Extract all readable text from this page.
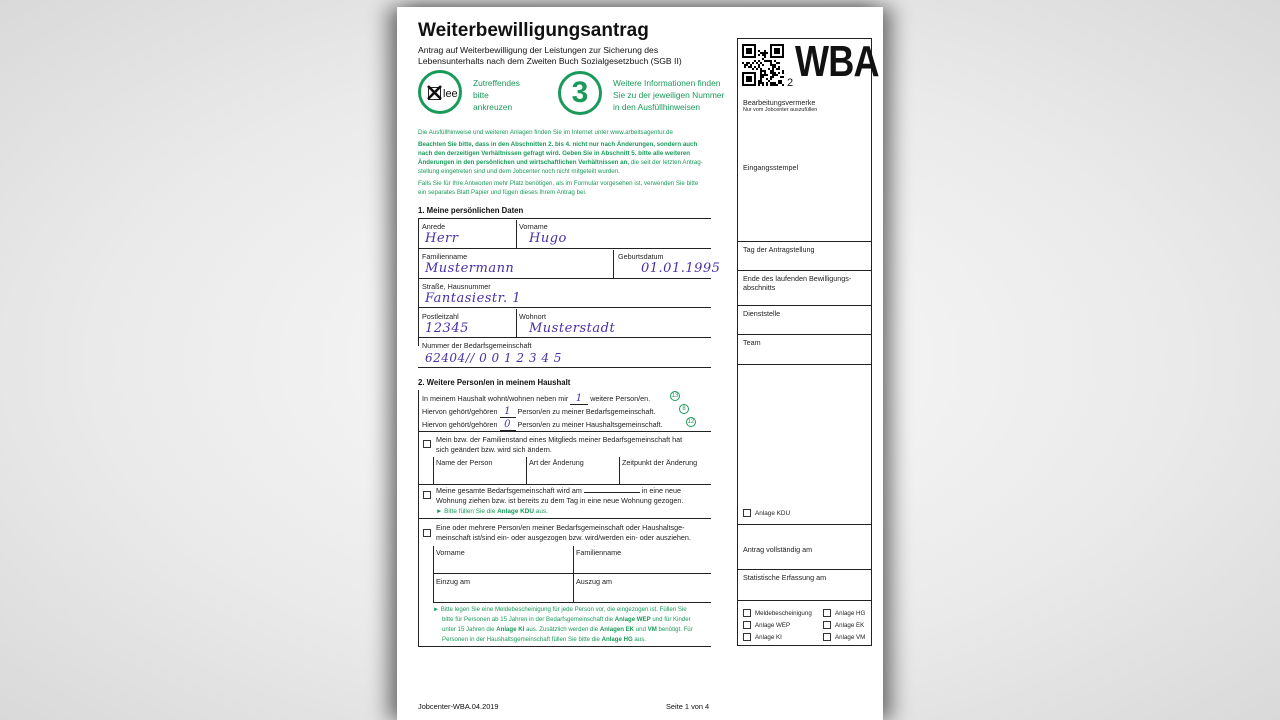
Weiterbewilligungsantrag
Antrag auf Weiterbewilligung der Leistungen zur Sicherung des
Lebensunterhalts nach dem Zweiten Buch Sozialgesetzbuch (SGB II)
lee
Zutreffendes
bitte
ankreuzen	3	Weitere Informationen finden
Sie zu der jeweiligen Nummer
in den Ausfüllhinweisen
Die Ausfüllhinweise und weiteren Anlagen finden Sie im Internet unter www.arbeitsagentur.de
Beachten Sie bitte, dass in den Abschnitten 2. bis 4. nicht nur nach Änderungen, sondern auch
nach den derzeitigen Verhältnissen gefragt wird. Geben Sie in Abschnitt 5. bitte alle weiteren
Änderungen in den persönlichen und wirtschaftlichen Verhältnissen an, die seit der letzten Antrag-
stellung eingetreten sind und dem Jobcenter noch nicht mitgeteilt wurden.
Falls Sie für Ihre Antworten mehr Platz benötigen, als im Formular vorgesehen ist, verwenden Sie bitte
ein separates Blatt Papier und fügen dieses Ihrem Antrag bei.
1. Meine persönlichen Daten
Anrede
Herr
Vorname
Hugo
Familienname
Mustermann
Geburtsdatum
01.01.1995
Straße, Hausnummer
Fantasiestr. 1
Postleitzahl
12345
Wohnort
Musterstadt
Nummer der Bedarfsgemeinschaft
62404// 0 0 1 2 3 4 5
2. Weitere Person/en in meinem Haushalt
In meinem Haushalt wohnt/wohnen neben mir 1 weitere Person/en.	13
Hiervon gehört/gehören 1 Person/en zu meiner Bedarfsgemeinschaft.	8
Hiervon gehört/gehören 0 Person/en zu meiner Haushaltsgemeinschaft.	12
Mein bzw. der Familienstand eines Mitglieds meiner Bedarfsgemeinschaft hat
sich geändert bzw. wird sich ändern.
Name der Person	Art der Änderung	Zeitpunkt der Änderung
Meine gesamte Bedarfsgemeinschaft wird am	in eine neue
Wohnung ziehen bzw. ist bereits zu dem Tag in eine neue Wohnung gezogen.
► Bitte füllen Sie die Anlage KDU aus.
Eine oder mehrere Person/en meiner Bedarfsgemeinschaft oder Haushaltsge-
meinschaft ist/sind ein- oder ausgezogen bzw. wird/werden ein- oder ausziehen.
Vorname	Familienname
Einzug am	Auszug am
► Bitte legen Sie eine Meldebescheinigung für jede Person vor, die eingezogen ist. Füllen Sie
bitte für Personen ab 15 Jahren in der Bedarfsgemeinschaft die Anlage WEP und für Kinder
unter 15 Jahren die Anlage KI aus. Zusätzlich werden die Anlagen EK und VM benötigt. Für
Personen in der Haushaltsgemeinschaft füllen Sie bitte die Anlage HG aus.
2 WBA
Bearbeitungsvermerke
Nur vom Jobcenter auszufüllen
Eingangsstempel
Tag der Antragstellung
Ende des laufenden Bewilligungs-
abschnitts
Dienststelle
Team
Anlage KDU
Antrag vollständig am
Statistische Erfassung am
Meldebescheinigung	Anlage HG
Anlage WEP	Anlage EK
Anlage KI	Anlage VM
Jobcenter-WBA.04.2019	Seite 1 von 4
